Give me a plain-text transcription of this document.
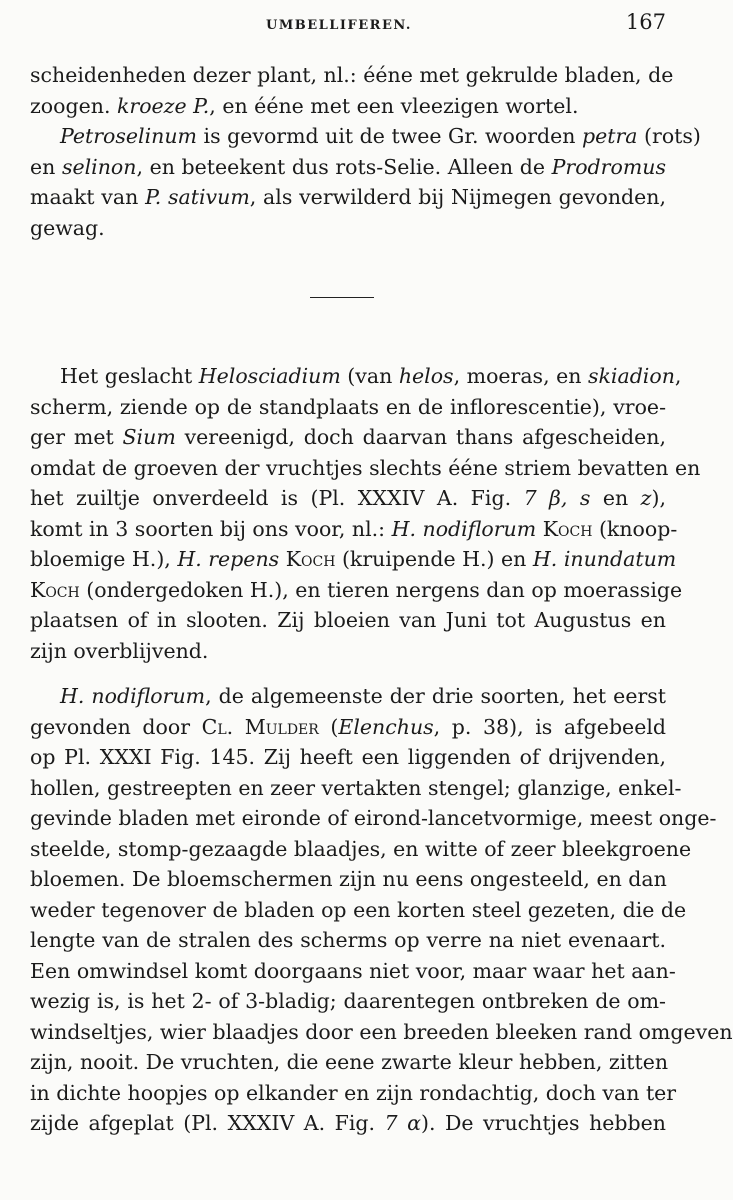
UMBELLIFEREN.	167

scheidenheden dezer plant, nl.: ééne met gekrulde bladen, de
zoogen. kroeze P., en ééne met een vleezigen wortel.

Petroselinum is gevormd uit de twee Gr. woorden petra (rots)
en selinon, en beteekent dus rots-Selie. Alleen de Prodromus
maakt van P. sativum, als verwilderd bij Nijmegen gevonden,
gewag.

Het geslacht Helosciadium (van helos, moeras, en skiadion,
scherm, ziende op de standplaats en de inflorescentie), vroe-
ger met Sium vereenigd, doch daarvan thans afgescheiden,
omdat de groeven der vruchtjes slechts ééne striem bevatten en
het zuiltje onverdeeld is (Pl. XXXIV A. Fig. 7 β, s en z),
komt in 3 soorten bij ons voor, nl.: H. nodiflorum Koch (knoop-
bloemige H.), H. repens Koch (kruipende H.) en H. inundatum
Koch (ondergedoken H.), en tieren nergens dan op moerassige
plaatsen of in slooten. Zij bloeien van Juni tot Augustus en
zijn overblijvend.

H. nodiflorum, de algemeenste der drie soorten, het eerst
gevonden door Cl. Mulder (Elenchus, p. 38), is afgebeeld
op Pl. XXXI Fig. 145. Zij heeft een liggenden of drijvenden,
hollen, gestreepten en zeer vertakten stengel; glanzige, enkel-
gevinde bladen met eironde of eirond-lancetvormige, meest onge-
steelde, stomp-gezaagde blaadjes, en witte of zeer bleekgroene
bloemen. De bloemschermen zijn nu eens ongesteeld, en dan
weder tegenover de bladen op een korten steel gezeten, die de
lengte van de stralen des scherms op verre na niet evenaart.
Een omwindsel komt doorgaans niet voor, maar waar het aan-
wezig is, is het 2- of 3-bladig; daarentegen ontbreken de om-
windseltjes, wier blaadjes door een breeden bleeken rand omgeven
zijn, nooit. De vruchten, die eene zwarte kleur hebben, zitten
in dichte hoopjes op elkander en zijn rondachtig, doch van ter
zijde afgeplat (Pl. XXXIV A. Fig. 7 α). De vruchtjes hebben
